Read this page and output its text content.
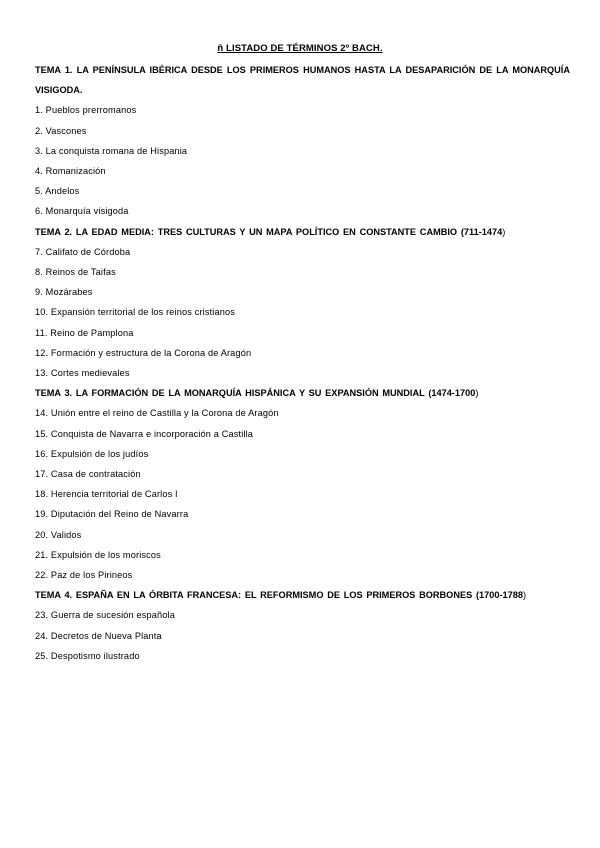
ñ LISTADO DE TÉRMINOS 2º BACH.
TEMA 1. LA PENÍNSULA IBÉRICA DESDE LOS PRIMEROS HUMANOS HASTA LA DESAPARICIÓN DE LA MONARQUÍA VISIGODA.
1. Pueblos prerromanos
2. Vascones
3. La conquista romana de Hispania
4. Romanización
5. Andelos
6. Monarquía visigoda
TEMA 2. LA EDAD MEDIA: TRES CULTURAS Y UN MAPA POLÍTICO EN CONSTANTE CAMBIO (711-1474)
7. Califato de Córdoba
8. Reinos de Taifas
9. Mozárabes
10. Expansión territorial de los reinos cristianos
11. Reino de Pamplona
12. Formación y estructura de la Corona de Aragón
13. Cortes medievales
TEMA 3. LA FORMACIÓN DE LA MONARQUÍA HISPÁNICA Y SU EXPANSIÓN MUNDIAL (1474-1700)
14. Unión entre el reino de Castilla y la Corona de Aragón
15. Conquista de Navarra e incorporación a Castilla
16. Expulsión de los judíos
17. Casa de contratación
18. Herencia territorial de Carlos I
19. Diputación del Reino de Navarra
20. Validos
21. Expulsión de los moriscos
22. Paz de los Pirineos
TEMA 4. ESPAÑA EN LA ÓRBITA FRANCESA: EL REFORMISMO DE LOS PRIMEROS BORBONES (1700-1788)
23. Guerra de sucesión española
24. Decretos de Nueva Planta
25. Despotismo ilustrado
